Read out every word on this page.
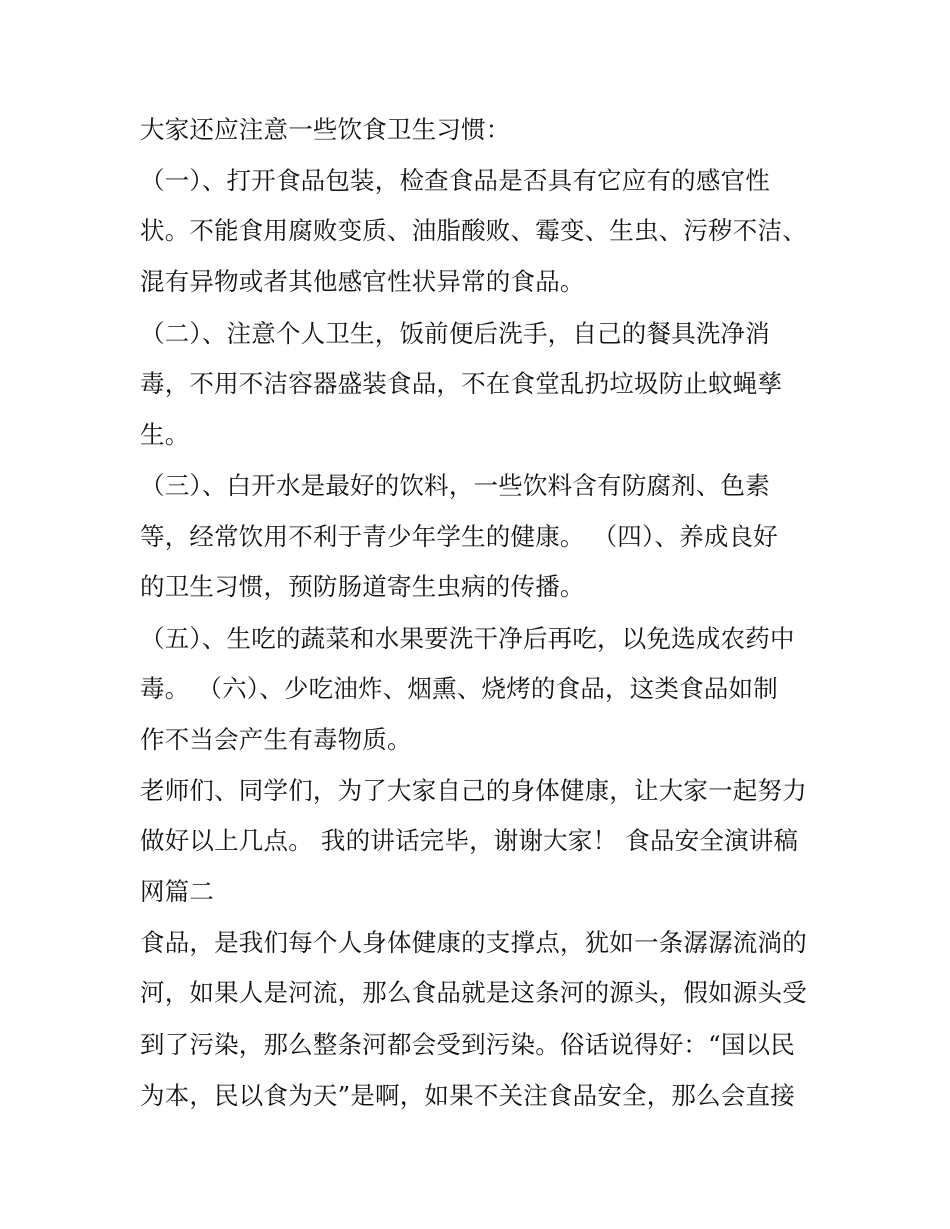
大家还应注意一些饮食卫生习惯：
（一）、打开食品包装，检查食品是否具有它应有的感官性
状。不能食用腐败变质、油脂酸败、霉变、生虫、污秽不洁、
混有异物或者其他感官性状异常的食品。
（二）、注意个人卫生，饭前便后洗手，自己的餐具洗净消
毒，不用不洁容器盛装食品，不在食堂乱扔垃圾防止蚊蝇孳
生。
（三）、白开水是最好的饮料，一些饮料含有防腐剂、色素
等，经常饮用不利于青少年学生的健康。 （四）、养成良好
的卫生习惯，预防肠道寄生虫病的传播。
（五）、生吃的蔬菜和水果要洗干净后再吃，以免选成农药中
毒。 （六）、少吃油炸、烟熏、烧烤的食品，这类食品如制
作不当会产生有毒物质。
老师们、同学们，为了大家自己的身体健康，让大家一起努力
做好以上几点。 我的讲话完毕，谢谢大家！ 食品安全演讲稿
网篇二
食品，是我们每个人身体健康的支撑点，犹如一条潺潺流淌的
河，如果人是河流，那么食品就是这条河的源头，假如源头受
到了污染，那么整条河都会受到污染。俗话说得好：“国以民
为本，民以食为天”是啊，如果不关注食品安全，那么会直接
